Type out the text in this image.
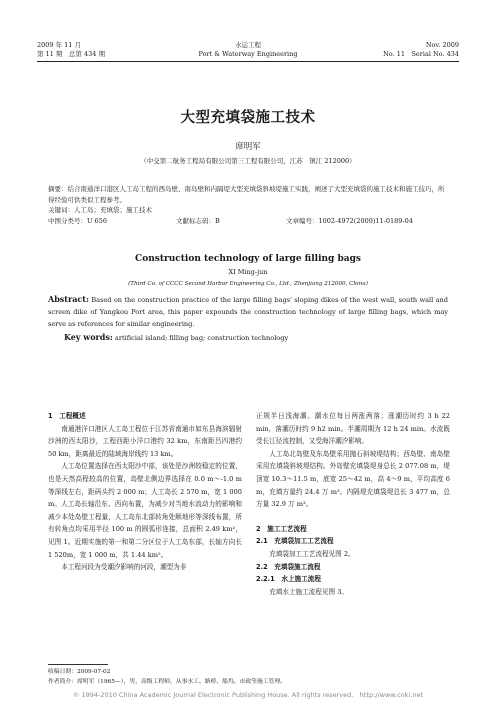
2009 年 11 月
第 11 期　总第 434 期
水运工程
Port & Waterway Engineering
Nov. 2009
No. 11　Serial No. 434
大型充填袋施工技术
席明军
（中交第二航务工程局有限公司第三工程有限公司，江苏　镇江 212000）
摘要：结合南通洋口港区人工岛工程的西岛壁、南岛壁和内隔堤大型充填袋斜坡堤施工实践，阐述了大型充填袋的施工技术和施工技巧，所得经验可供类似工程参考。
关键词：人工岛；充填袋；施工技术
中图分类号：U 656	文献标志码：B	文章编号：1002-4972(2009)11-0189-04
Construction technology of large filling bags
XI Ming-jun
(Third Co. of CCCC Second Harbor Engineering Co., Ltd., Zhenjiang 212000, China)
Abstract: Based on the construction practice of the large filling bags' sloping dikes of the west wall, south wall and screen dike of Yangkou Port area, this paper expounds the construction technology of large filling bags, which may serve as references for similar engineering.
Key words: artificial island; filling bag; construction technology

1　工程概述

南通港洋口港区人工岛工程位于江苏省南通市如东县海滨辐射沙洲的西太阳沙，工程西距小洋口港约 32 km，东南距吕四港约 50 km，距离最近的陆域海岸线约 13 km。

人工岛位置选择在西太阳沙中部，该处是沙洲较稳定的位置，也是天然高程较高的位置，岛壁北侧边界选择在 0.0 m～-1.0 m 等深线左右，距码头约 2 000 m；人工岛长 2 570 m，宽 1 000 m。人工岛长轴沿东、西向布置，为减少对当地水流动力的影响和减少本处岛壁工程量，人工岛东北部转角处顺地形等深线布置，所有转角点均采用半径 100 m 的圆弧形连接，总面积 2.49 km²，见图 1。近期实施的第一和第二分区位于人工岛东部，长轴方向长 1 520m，宽 1 000 m，共 1.44 km²。

本工程河段为受潮汐影响的河段，潮型为非

正规半日浅海潮。潮水位每日两涨两落；涨潮历时约 3 h 22 min，落潮历时约 9 h2 min。半潮周期为 12 h 24 min。水流既受长江径流控制，又受海洋潮汐影响。

人工岛北岛壁及东岛壁采用抛石斜坡堤结构；西岛壁、南岛壁采用充填袋斜坡堤结构。外岛壁充填袋堤身总长 2 077.08 m，堤顶宽 10.3～11.5 m，底宽 25～42 m，高 4～9 m，平均高度 6 m，充填方量约 24.4 万 m³。内隔堤充填袋堤总长 3 477 m，总方量 32.9 万 m³。

2　施工工艺流程

2.1　充填袋加工工艺流程

充填袋加工工艺流程见图 2。

2.2　充填袋施工流程

2.2.1　水上施工流程

充填水上施工流程见图 3。

收稿日期：2009-07-02
作者简介：席明军（1965—），男，高级工程师，从事水工、路桥、船坞、市政等施工管理。
© 1994-2010 China Academic Journal Electronic Publishing House. All rights reserved.　http://www.cnki.net
